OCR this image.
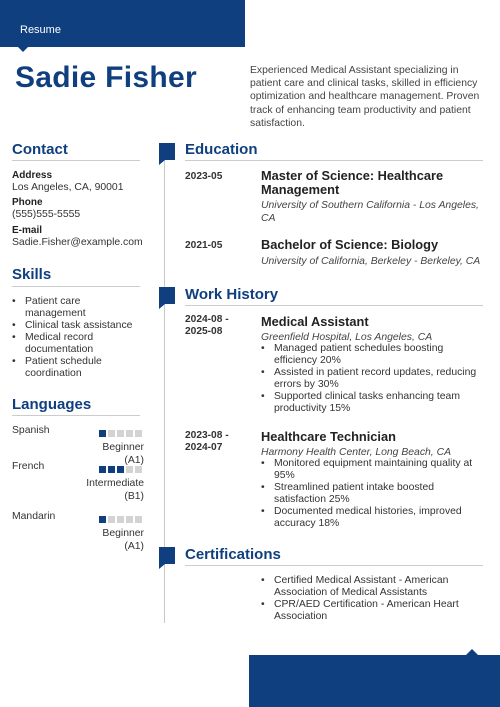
Resume
Sadie Fisher	Experienced Medical Assistant specializing in patient care and clinical tasks, skilled in efficiency optimization and healthcare management. Proven track of enhancing team productivity and patient satisfaction.
Contact
Address
Los Angeles, CA, 90001
Phone
(555)555-5555
E-mail
Sadie.Fisher@example.com
Skills
• Patient care management
• Clinical task assistance
• Medical record documentation
• Patient schedule coordination
Languages
Spanish
Beginner (A1)
French
Intermediate (B1)
Mandarin
Beginner (A1)
Education
2023-05	Master of Science: Healthcare Management
University of Southern California - Los Angeles, CA
2021-05	Bachelor of Science: Biology
University of California, Berkeley - Berkeley, CA
Work History
2024-08 -
2025-08
Medical Assistant
Greenfield Hospital, Los Angeles, CA
• Managed patient schedules boosting efficiency 20%
• Assisted in patient record updates, reducing errors by 30%
• Supported clinical tasks enhancing team productivity 15%
2023-08 -
2024-07
Healthcare Technician
Harmony Health Center, Long Beach, CA
• Monitored equipment maintaining quality at 95%
• Streamlined patient intake boosted satisfaction 25%
• Documented medical histories, improved accuracy 18%
Certifications
• Certified Medical Assistant - American Association of Medical Assistants
• CPR/AED Certification - American Heart Association
